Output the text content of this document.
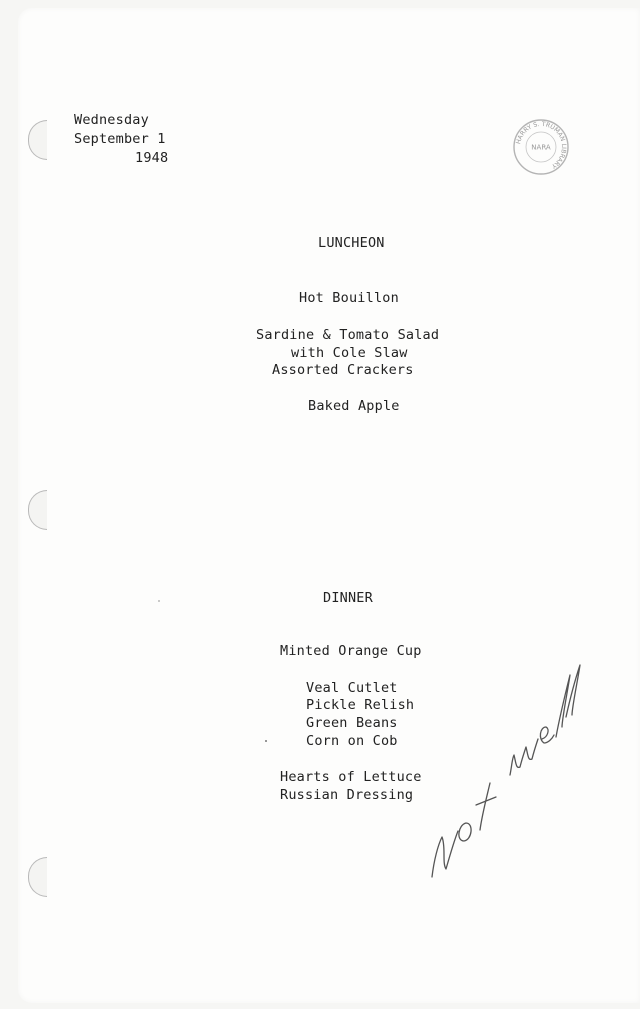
Wednesday
September 1
1948
HARRY S. TRUMAN LIBRARY
NARA
LUNCHEON
Hot Bouillon
Sardine & Tomato Salad
with Cole Slaw
Assorted Crackers
Baked Apple
DINNER
Minted Orange Cup
Veal Cutlet
Pickle Relish
Green Beans
Corn on Cob
Hearts of Lettuce
Russian Dressing
